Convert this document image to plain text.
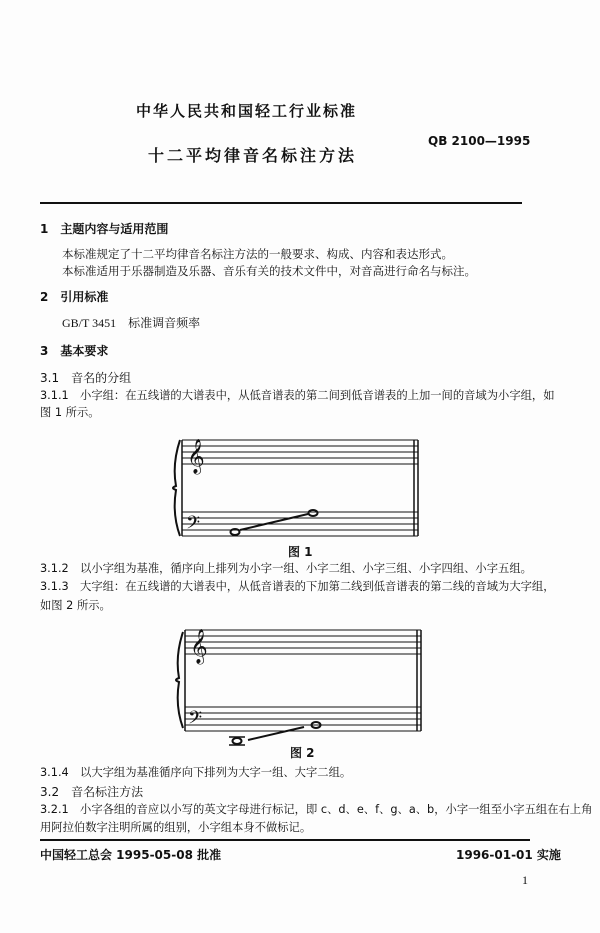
中华人民共和国轻工行业标准
QB 2100—1995
十二平均律音名标注方法
1　主题内容与适用范围
本标准规定了十二平均律音名标注方法的一般要求、构成、内容和表达形式。
本标准适用于乐器制造及乐器、音乐有关的技术文件中，对音高进行命名与标注。
2　引用标准
GB/T 3451　标准调音频率
3　基本要求
3.1　音名的分组
3.1.1　小字组：在五线谱的大谱表中，从低音谱表的第二间到低音谱表的上加一间的音域为小字组，如
图 1 所示。
𝄞
𝄢
𝄞
𝄢
图 1
3.1.2　以小字组为基准，循序向上排列为小字一组、小字二组、小字三组、小字四组、小字五组。
3.1.3　大字组：在五线谱的大谱表中，从低音谱表的下加第二线到低音谱表的第二线的音域为大字组，
如图 2 所示。
图 2
3.1.4　以大字组为基准循序向下排列为大字一组、大字二组。
3.2　音名标注方法
3.2.1　小字各组的音应以小写的英文字母进行标记，即 c、d、e、f、g、a、b，小字一组至小字五组在右上角
用阿拉伯数字注明所属的组别，小字组本身不做标记。
中国轻工总会 1995-05-08 批准	1996-01-01 实施
1
